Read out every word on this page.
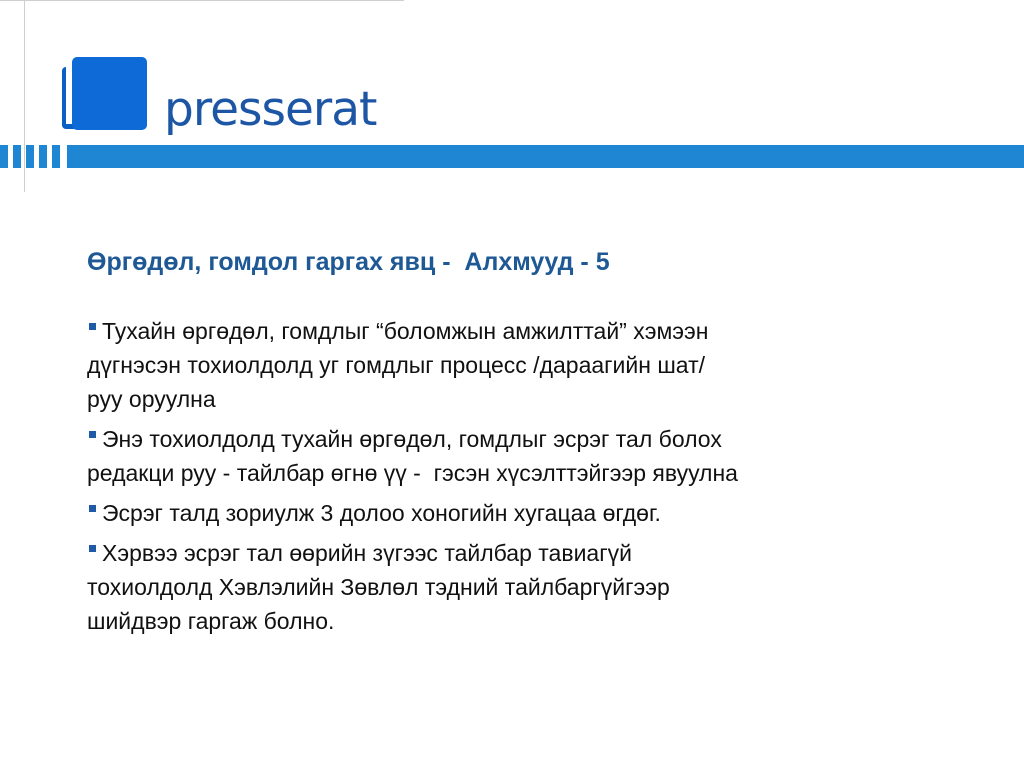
presserat
Өргөдөл, гомдол гаргах явц -  Алхмууд - 5
Тухайн өргөдөл, гомдлыг “боломжын амжилттай” хэмээн
дүгнэсэн тохиолдолд уг гомдлыг процесс /дараагийн шат/
руу оруулна
Энэ тохиолдолд тухайн өргөдөл, гомдлыг эсрэг тал болох
редакци руу - тайлбар өгнө үү -  гэсэн хүсэлттэйгээр явуулна
Эсрэг талд зориулж 3 долоо хоногийн хугацаа өгдөг.
Хэрвээ эсрэг тал өөрийн зүгээс тайлбар тавиагүй
тохиолдолд Хэвлэлийн Зөвлөл тэдний тайлбаргүйгээр
шийдвэр гаргаж болно.
